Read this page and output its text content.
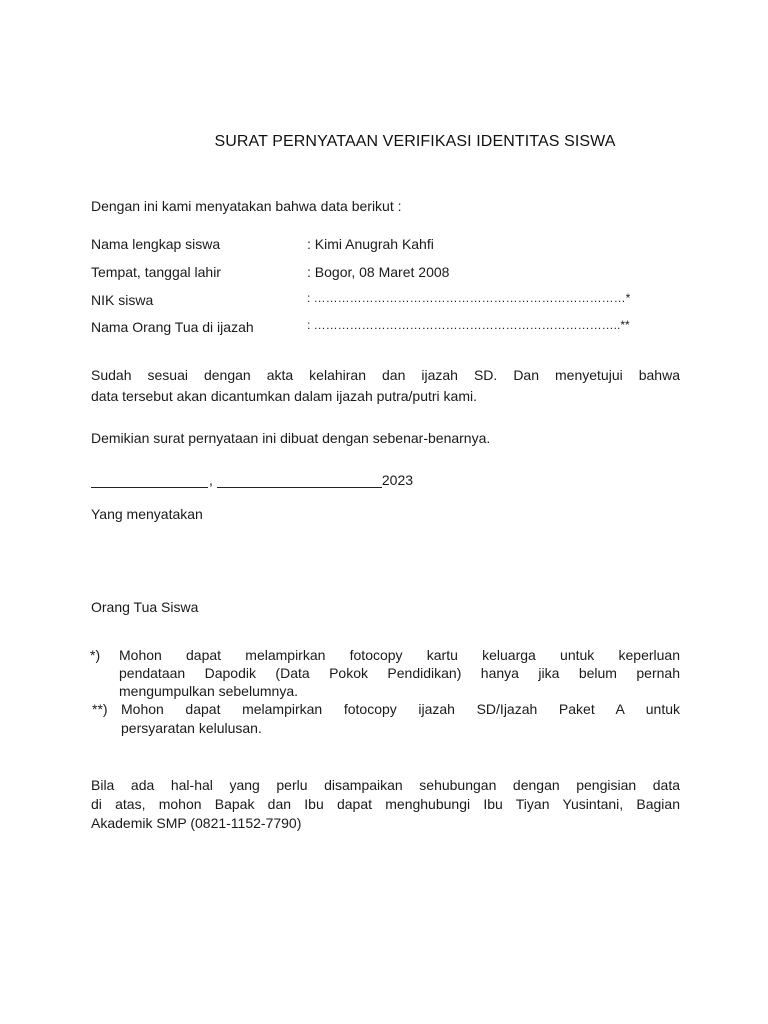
SURAT PERNYATAAN VERIFIKASI IDENTITAS SISWA
Dengan ini kami menyatakan bahwa data berikut :
Nama lengkap siswa	: Kimi Anugrah Kahfi
Tempat, tanggal lahir	: Bogor, 08 Maret 2008
NIK siswa	: ……………………………………………………………………*
Nama Orang Tua di ijazah	: …………………………………………………………………..**
Sudah sesuai dengan akta kelahiran dan ijazah SD. Dan menyetujui bahwa
data tersebut akan dicantumkan dalam ijazah putra/putri kami.
Demikian surat pernyataan ini dibuat dengan sebenar-benarnya.
,	2023
Yang menyatakan
Orang Tua Siswa
*) Mohon dapat melampirkan fotocopy kartu keluarga untuk keperluan
pendataan Dapodik (Data Pokok Pendidikan) hanya jika belum pernah
mengumpulkan sebelumnya.
**) Mohon dapat melampirkan fotocopy ijazah SD/Ijazah Paket A untuk
persyaratan kelulusan.
Bila ada hal-hal yang perlu disampaikan sehubungan dengan pengisian data
di atas, mohon Bapak dan Ibu dapat menghubungi Ibu Tiyan Yusintani, Bagian
Akademik SMP (0821-1152-7790)
